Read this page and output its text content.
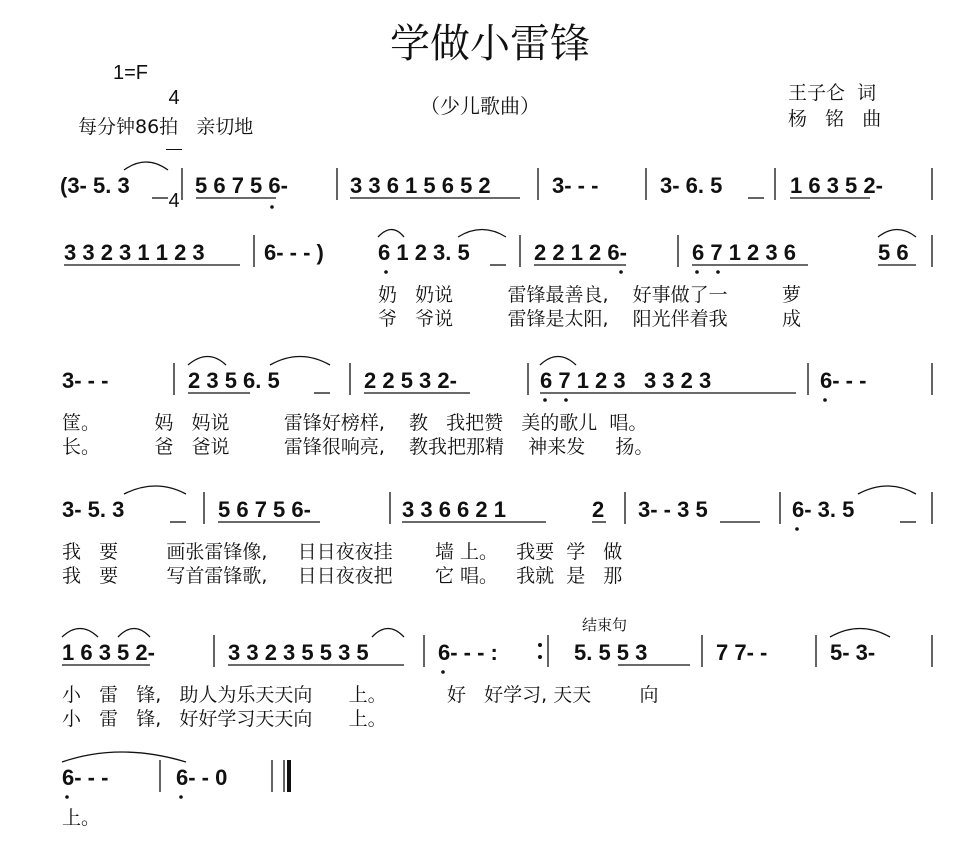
学做小雷锋
（少儿歌曲）
1=F

4

4

每分钟86拍   亲切地
王子仑  词
杨   铭   曲
(3- 5. 3	5 6 7 5 6-	3 3 6 1 5 6 5 2	3- - -	3- 6. 5	1 6 3 5 2-
3 3 2 3 1 1 2 3	6- - - ) 6 1 2 3. 5	2 2 1 2 6-	6 7 1 2 3 6	5 6
奶   奶说         雷锋最善良,    好事做了一         萝
爷   爷说         雷锋是太阳,    阳光伴着我         成
3- - -	2 3 5 6. 5	2 2 5 3 2-	6 7 1 2 3   3 3 2 3	6- - -
筐。         妈   妈说         雷锋好榜样,    教   我把赞   美的歌儿  唱。
长。         爸   爸说         雷锋很响亮,    教我把那精    神来发     扬。
3- 5. 3	5 6 7 5 6-	3 3 6 6 2 1	2 3- - 3 5	6- 3. 5
我   要        画张雷锋像,     日日夜夜挂       墙 上。   我要  学   做
我   要        写首雷锋歌,     日日夜夜把       它 唱。   我就  是   那
结束句
1 6 3 5 2-	3 3 2 3 5 5 3 5	6- - - :	5. 5 5 3	7 7- -	5- 3-
小   雷   锋,   助人为乐天天向      上。          好   好学习, 天天        向
小   雷   锋,   好好学习天天向      上。
6- - -	6- - 0
上。
